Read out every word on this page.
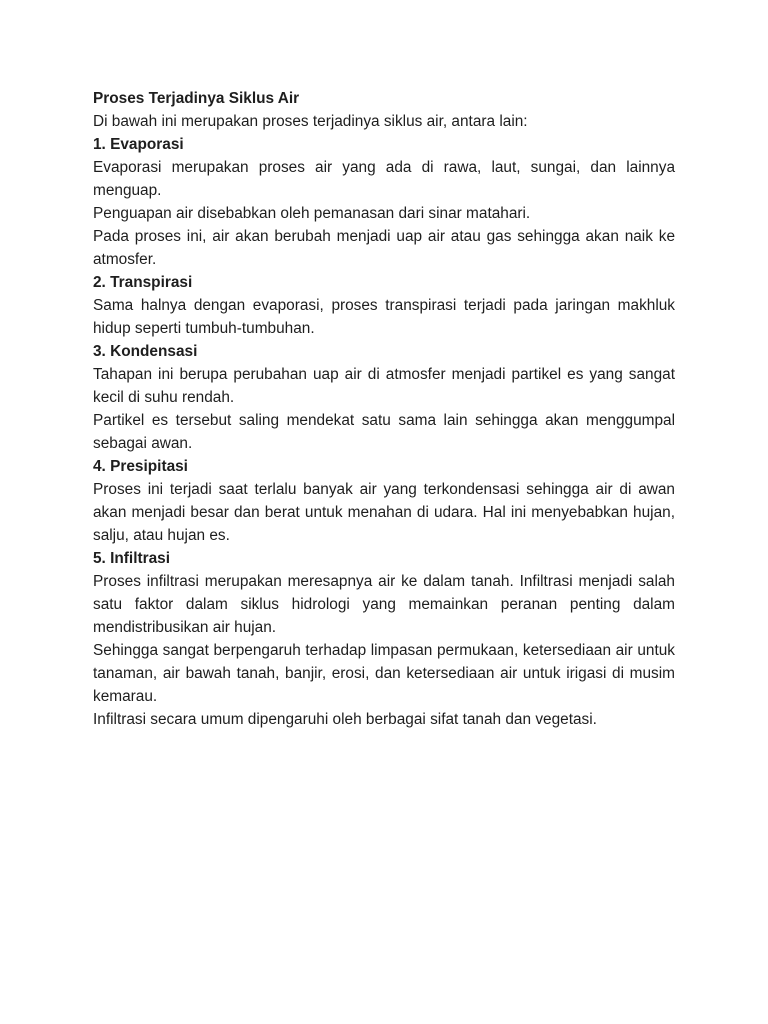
Proses Terjadinya Siklus Air
Di bawah ini merupakan proses terjadinya siklus air, antara lain:
1. Evaporasi

Evaporasi merupakan proses air yang ada di rawa, laut, sungai, dan lainnya menguap.

Penguapan air disebabkan oleh pemanasan dari sinar matahari.

Pada proses ini, air akan berubah menjadi uap air atau gas sehingga akan naik ke atmosfer.

2. Transpirasi

Sama halnya dengan evaporasi, proses transpirasi terjadi pada jaringan makhluk hidup seperti tumbuh-tumbuhan.

3. Kondensasi

Tahapan ini berupa perubahan uap air di atmosfer menjadi partikel es yang sangat kecil di suhu rendah.

Partikel es tersebut saling mendekat satu sama lain sehingga akan menggumpal sebagai awan.

4. Presipitasi

Proses ini terjadi saat terlalu banyak air yang terkondensasi sehingga air di awan akan menjadi besar dan berat untuk menahan di udara. Hal ini menyebabkan hujan, salju, atau hujan es.

5. Infiltrasi

Proses infiltrasi merupakan meresapnya air ke dalam tanah. Infiltrasi menjadi salah satu faktor dalam siklus hidrologi yang memainkan peranan penting dalam mendistribusikan air hujan.

Sehingga sangat berpengaruh terhadap limpasan permukaan, ketersediaan air untuk tanaman, air bawah tanah, banjir, erosi, dan ketersediaan air untuk irigasi di musim kemarau.

Infiltrasi secara umum dipengaruhi oleh berbagai sifat tanah dan vegetasi.
